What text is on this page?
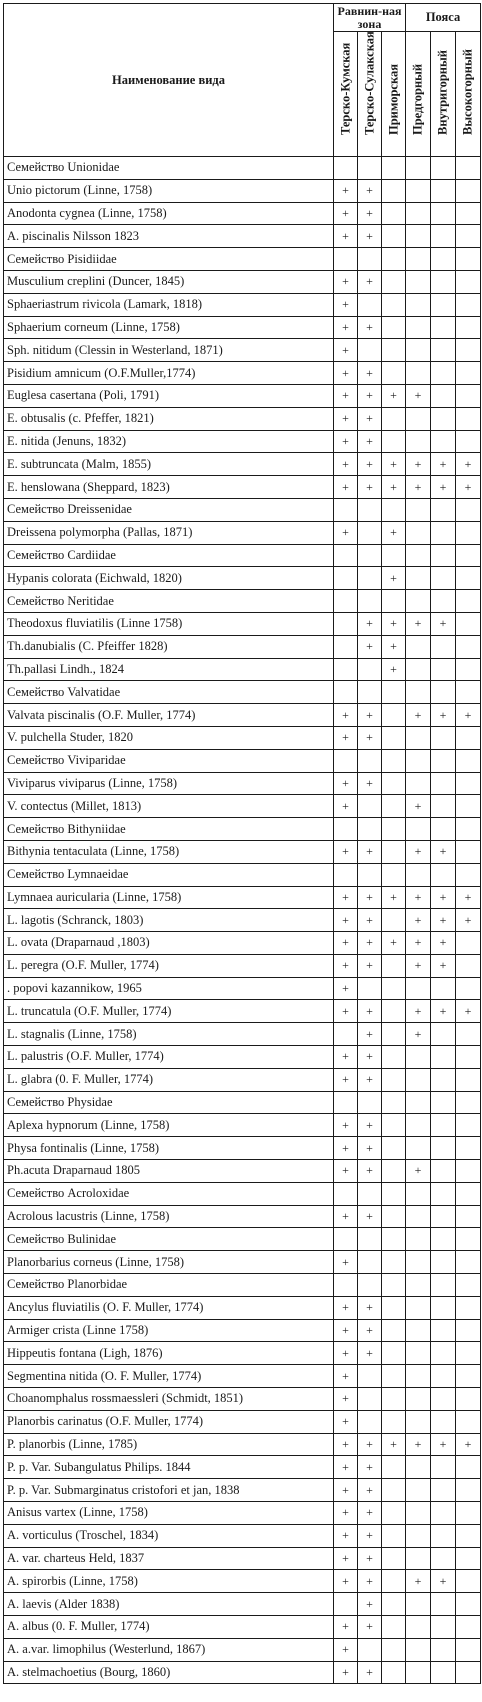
Наименование вида	Равнин-ная зона			Пояса		

	Терско-Кумская	Терско-Сулакская	Приморская	Предгорный	Внутригорный	Высокогорный

Семейство Unionidae						
Unio pictorum (Linne, 1758)	+	+				
Anodonta cygnea (Linne, 1758)	+	+				
A. piscinalis Nilsson 1823	+	+				
Семейство Pisidiidae						
Musculium creplini (Duncer, 1845)	+	+				
Sphaeriastrum rivicola (Lamark, 1818)	+					
Sphaerium corneum (Linne, 1758)	+	+				
Sph. nitidum (Clessin in Westerland, 1871)	+					
Pisidium amnicum (O.F.Muller,1774)	+	+				
Euglesa casertana (Poli, 1791)	+	+	+	+		
E. obtusalis (c. Pfeffer, 1821)	+	+				
E. nitida (Jenuns, 1832)	+	+				
E. subtruncata (Malm, 1855)	+	+	+	+	+	+
E. henslowana (Sheppard, 1823)	+	+	+	+	+	+
Семейство Dreissenidae						
Dreissena polymorpha (Pallas, 1871)	+		+			
Семейство Cardiidae						
Hypanis colorata (Eichwald, 1820)			+			
Семейство Neritidae						
Theodoxus fluviatilis (Linne 1758)		+	+	+	+	
Th.danubialis (C. Pfeiffer 1828)		+	+			
Th.pallasi Lindh., 1824			+			
Семейство Valvatidae						
Valvata piscinalis (O.F. Muller, 1774)	+	+		+	+	+
V. pulchella Studer, 1820	+	+				
Семейство Viviparidae						
Viviparus viviparus (Linne, 1758)	+	+				
V. contectus (Millet, 1813)	+			+		
Семейство Bithyniidae						
Bithynia tentaculata (Linne, 1758)	+	+		+	+	
Семейство Lymnaeidae						
Lymnaea auricularia (Linne, 1758)	+	+	+	+	+	+
L. lagotis (Schranck, 1803)	+	+		+	+	+
L. ovata (Draparnaud ,1803)	+	+	+	+	+	
L. peregra (O.F. Muller, 1774)	+	+		+	+	
. popovi kazannikow, 1965	+					
L. truncatula (O.F. Muller, 1774)	+	+		+	+	+
L. stagnalis (Linne, 1758)		+		+		
L. palustris (O.F. Muller, 1774)	+	+				
L. glabra (0. F. Muller, 1774)	+	+				
Семейство Physidae						
Aplexa hypnorum (Linne, 1758)	+	+				
Physa fontinalis (Linne, 1758)	+	+				
Ph.acuta Draparnaud 1805	+	+		+		
Семейство Acroloxidae						
Acrolous lacustris (Linne, 1758)	+	+				
Семейство Bulinidae						
Planorbarius corneus (Linne, 1758)	+					
Семейство Planorbidae						
Ancylus fluviatilis (O. F. Muller, 1774)	+	+				
Armiger crista (Linne 1758)	+	+				
Hippeutis fontana (Ligh, 1876)	+	+				
Segmentina nitida (O. F. Muller, 1774)	+					
Choanomphalus rossmaessleri (Schmidt, 1851)	+					
Planorbis carinatus (O.F. Muller, 1774)	+					
P. planorbis (Linne, 1785)	+	+	+	+	+	+
P. p. Var. Subangulatus Philips. 1844	+	+				
P. p. Var. Submarginatus cristofori et jan, 1838	+	+				
Anisus vartex (Linne, 1758)	+	+				
A. vorticulus (Troschel, 1834)	+	+				
A. var. charteus Held, 1837	+	+				
A. spirorbis (Linne, 1758)	+	+		+	+	
A. laevis (Alder 1838)		+				
A. albus (0. F. Muller, 1774)	+	+				
A. a.var. limophilus (Westerlund, 1867)	+					
A. stelmachoetius (Bourg, 1860)	+	+				
